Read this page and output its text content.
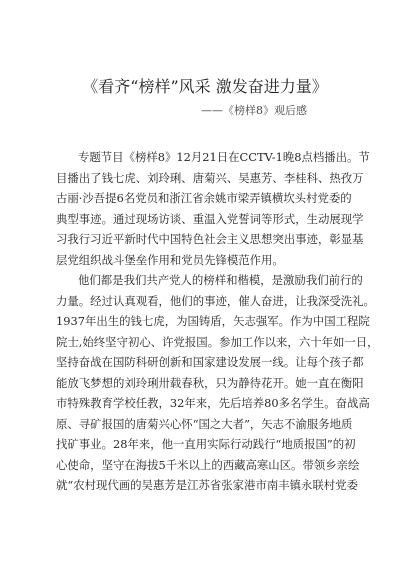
《看齐“榜样”风采 激发奋进力量》
——《榜样8》观后感
专题节目《榜样8》12月21日在CCTV-1晚8点档播出。节
目播出了钱七虎、刘玲琍、唐菊兴、吴惠芳、李桂科、热孜万
古丽·沙吾提6名党员和浙江省余姚市梁弄镇横坎头村党委的
典型事迹。通过现场访谈、重温入党誓词等形式，生动展现学
习我行习近平新时代中国特色社会主义思想突出事迹，彰显基
层党组织战斗堡垒作用和党员先锋模范作用。
他们都是我们共产党人的榜样和楷模，是激励我们前行的
力量。经过认真观看，他们的事迹，催人奋进，让我深受洗礼。
1937年出生的钱七虎，为国铸盾，矢志强军。作为中国工程院
院士,始终坚守初心、许党报国。参加工作以来，六十年如一日，
坚持奋战在国防科研创新和国家建设发展一线。让每个孩子都
能放飞梦想的刘玲琍卅载春秋，只为静待花开。她一直在衡阳
市特殊教育学校任教，32年来，先后培养80多名学生。奋战高
原、寻矿报国的唐菊兴心怀“国之大者”，矢志不渝服务地质
找矿事业。28年来，他一直用实际行动践行“地质报国”的初
心使命，坚守在海拔5千米以上的西藏高寒山区。带领乡亲绘
就“农村现代画的吴惠芳是江苏省张家港市南丰镇永联村党委
